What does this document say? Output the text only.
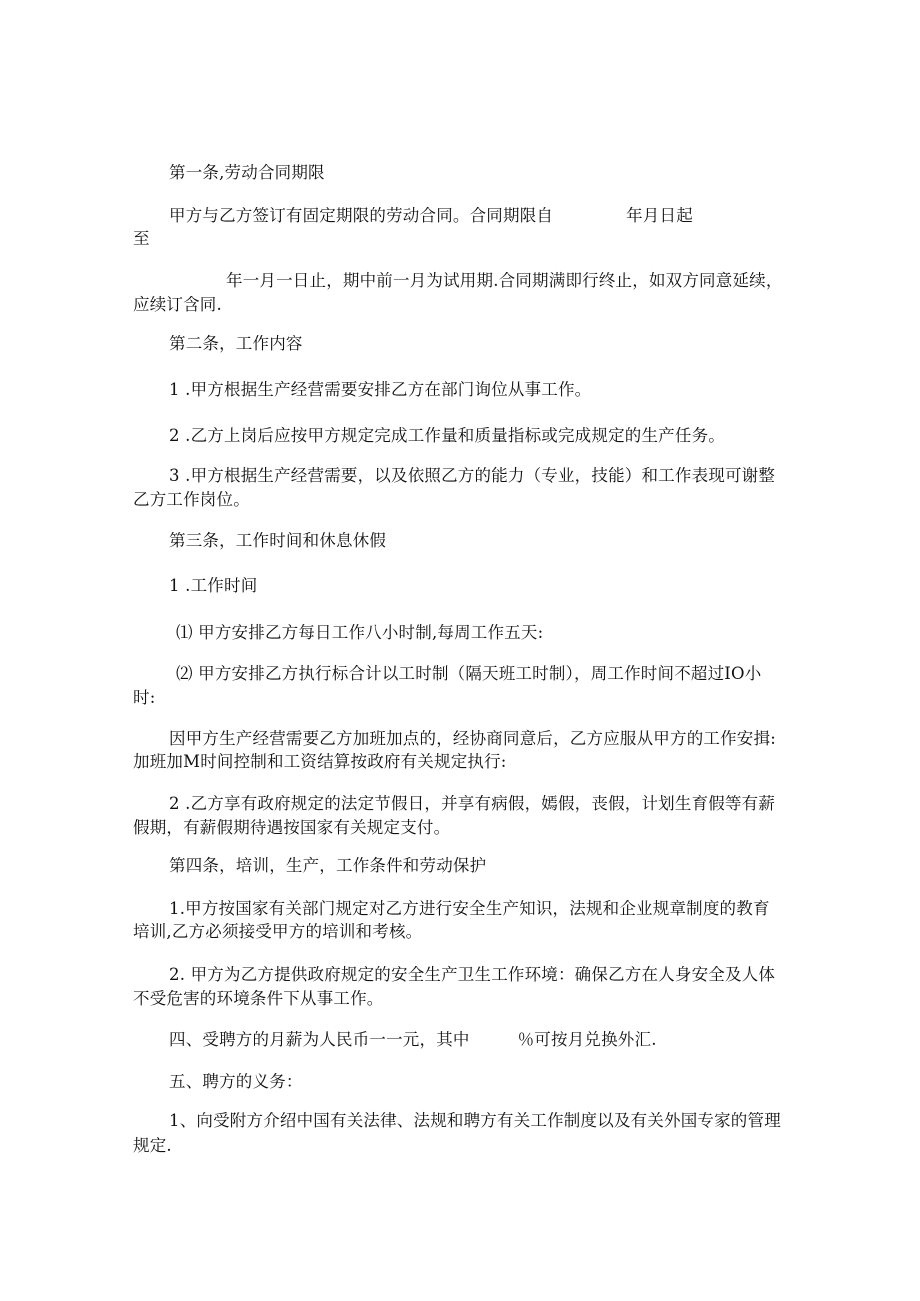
第一条,劳动合同期限
甲方与乙方签订有固定期限的劳动合同。合同期限自	年月日起
至
年一月一日止，期中前一月为试用期.合同期满即行终止，如双方同意延续，
应续订含同.
第二条，工作内容
1 .甲方根据生产经营需要安排乙方在部门询位从事工作。
2 .乙方上岗后应按甲方规定完成工作量和质量指标或完成规定的生产任务。
3 .甲方根据生产经营需要，以及依照乙方的能力（专业，技能）和工作表现可谢整
乙方工作岗位。
第三条，工作时间和休息休假
1 .工作时间
⑴ 甲方安排乙方每日工作八小时制,每周工作五天:
⑵ 甲方安排乙方执行标合计以工时制（隔天班工时制），周工作时间不超过IO小
时:
因甲方生产经营需要乙方加班加点的，经协商同意后，乙方应服从甲方的工作安揖:
加班加M时间控制和工资结算按政府有关规定执行:
2 .乙方享有政府规定的法定节假日，并享有病假，嫣假，丧假，计划生育假等有薪
假期，有薪假期待遇按国家有关规定支付。
第四条，培训，生产，工作条件和劳动保护
1.甲方按国家有关部门规定对乙方进行安全生产知识，法规和企业规章制度的教育
培训,乙方必须接受甲方的培训和考核。
2. 甲方为乙方提供政府规定的安全生产卫生工作环境：确保乙方在人身安全及人体
不受危害的环境条件下从事工作。
四、受聘方的月薪为人民币一一元，其中	％可按月兑换外汇.
五、聘方的义务：
1、向受附方介绍中国有关法律、法规和聘方有关工作制度以及有关外国专家的管理
规定.
